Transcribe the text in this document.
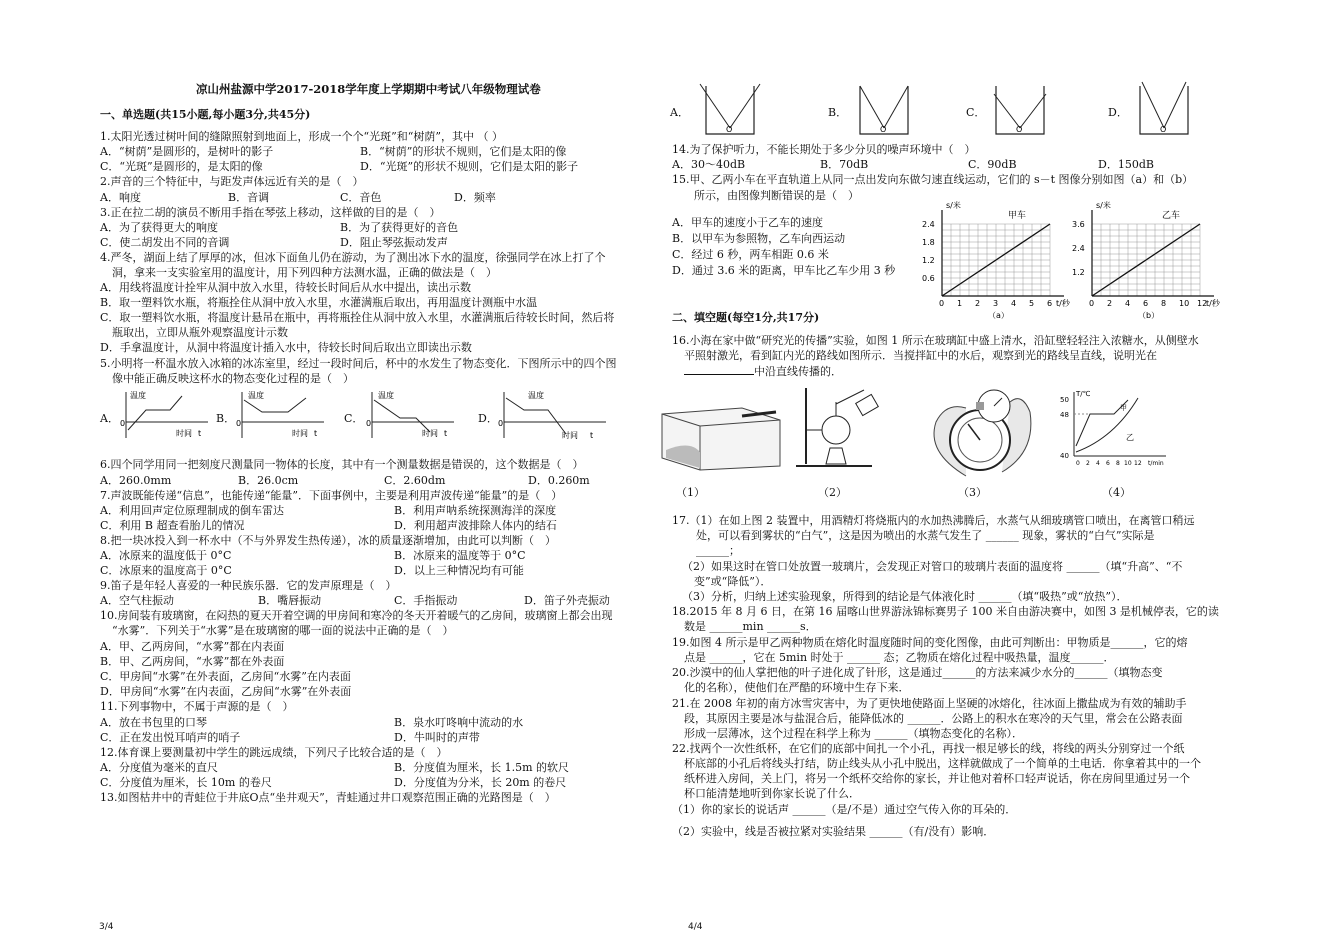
凉山州盐源中学2017-2018学年度上学期期中考试八年级物理试卷
一、单选题(共15小题,每小题3分,共45分)
1.太阳光透过树叶间的缝隙照射到地面上，形成一个个“光斑”和“树荫”，其中 （ ）
A．“树荫”是圆形的，是树叶的影子	B．“树荫”的形状不规则，它们是太阳的像
C．“光斑”是圆形的，是太阳的像	D．“光斑”的形状不规则，它们是太阳的影子
2.声音的三个特征中，与距发声体远近有关的是（　）
A．响度	B．音调	C．音色	D．频率
3.正在拉二胡的演员不断用手指在琴弦上移动，这样做的目的是（　）
A．为了获得更大的响度	B．为了获得更好的音色
C．使二胡发出不同的音调	D．阻止琴弦振动发声
4.严冬，湖面上结了厚厚的冰，但冰下面鱼儿仍在游动，为了测出冰下水的温度，徐强同学在冰上打了个
洞，拿来一支实验室用的温度计，用下列四种方法测水温，正确的做法是（　）
A．用线将温度计拴牢从洞中放入水里，待较长时间后从水中提出，读出示数
B．取一塑料饮水瓶，将瓶拴住从洞中放入水里，水灌满瓶后取出，再用温度计测瓶中水温
C．取一塑料饮水瓶，将温度计悬吊在瓶中，再将瓶拴住从洞中放入水里，水灌满瓶后待较长时间，然后将
瓶取出，立即从瓶外观察温度计示数
D．手拿温度计，从洞中将温度计插入水中，待较长时间后取出立即读出示数
5.小明将一杯温水放入冰箱的冰冻室里，经过一段时间后，杯中的水发生了物态变化．下图所示中的四个图
像中能正确反映这杯水的物态变化过程的是（　）
A．
温度
时间 t
0	B．
温度
时间 t
0	C．
温度
时间 t
0	D．
温度
时间 t
0
6.四个同学用同一把刻度尺测量同一物体的长度，其中有一个测量数据是错误的，这个数据是（　）
A．260.0mm	B．26.0cm	C．2.60dm	D．0.260m
7.声波既能传递“信息”，也能传递“能量”．下面事例中，主要是利用声波传递“能量”的是（　）
A．利用回声定位原理制成的倒车雷达	B．利用声呐系统探测海洋的深度
C．利用 B 超查看胎儿的情况	D．利用超声波排除人体内的结石
8.把一块冰投入到一杯水中（不与外界发生热传递），冰的质量逐渐增加，由此可以判断（　）
A．冰原来的温度低于 0°C	B．冰原来的温度等于 0°C
C．冰原来的温度高于 0°C	D．以上三种情况均有可能
9.笛子是年轻人喜爱的一种民族乐器．它的发声原理是（　）
A．空气柱振动	B．嘴唇振动	C．手指振动	D．笛子外壳振动
10.房间装有玻璃窗，在闷热的夏天开着空调的甲房间和寒冷的冬天开着暖气的乙房间，玻璃窗上都会出现
“水雾”．下列关于“水雾”是在玻璃窗的哪一面的说法中正确的是（　）
A．甲、乙两房间，“水雾”都在内表面
B．甲、乙两房间，“水雾”都在外表面
C．甲房间“水雾”在外表面，乙房间“水雾”在内表面
D．甲房间“水雾”在内表面，乙房间“水雾”在外表面
11.下列事物中，不属于声源的是（　）
A．放在书包里的口琴	B．泉水叮咚响中流动的水
C．正在发出悦耳哨声的哨子	D．牛叫时的声带
12.体育课上要测量初中学生的跳远成绩，下列尺子比较合适的是（　）
A．分度值为毫米的直尺	B．分度值为厘米，长 1.5m 的软尺
C．分度值为厘米，长 10m 的卷尺	D．分度值为分米，长 20m 的卷尺
13.如图枯井中的青蛙位于井底O点“坐井观天”，青蛙通过井口观察范围正确的光路图是（　）
3/4
A．
O
B．
O
C．
O
D．
O
14.为了保护听力，不能长期处于多少分贝的噪声环境中（　）
A．30～40dB	B．70dB	C．90dB	D．150dB
15.甲、乙两小车在平直轨道上从同一点出发向东做匀速直线运动，它们的 s－t 图像分别如图（a）和（b）
所示，由图像判断错误的是（　）
A．甲车的速度小于乙车的速度
B．以甲车为参照物，乙车向西运动
C．经过 6 秒，两车相距 0.6 米
D．通过 3.6 米的距离，甲车比乙车少用 3 秒
2.4
1.8
1.2
0.6
0 1 2 3 4 5 6
甲车
s/米
t/秒
（a）
3.6
2.4
1.2
0 2 4 6 8 10 12
乙车
s/米
t/秒
（b）
二、填空题(每空1分,共17分)
16.小海在家中做“研究光的传播”实验，如图 1 所示在玻璃缸中盛上清水，沿缸壁轻轻注入浓糖水，从侧壁水
平照射激光，看到缸内光的路线如图所示．当搅拌缸中的水后，观察到光的路线呈直线，说明光在
中沿直线传播的．
（1）	（2）	（3）
T/℃
50
48
40
0 2 4 6 8 10 12 t/min
甲
乙
（4）
17.（1）在如上图 2 装置中，用酒精灯将烧瓶内的水加热沸腾后，水蒸气从细玻璃管口喷出，在离管口稍远
处，可以看到雾状的“白气”，这是因为喷出的水蒸气发生了 ______ 现象，雾状的“白气”实际是
______；
（2）如果这时在管口处放置一玻璃片，会发现正对管口的玻璃片表面的温度将 ______（填“升高”、“不
变”或“降低”）．
（3）分析，归纳上述实验现象，所得到的结论是气体液化时 ______（填“吸热”或“放热”）．
18.2015 年 8 月 6 日，在第 16 届喀山世界游泳锦标赛男子 100 米自由游决赛中，如图 3 是机械停表，它的读
数是 ______min ______s．
19.如图 4 所示是甲乙两种物质在熔化时温度随时间的变化图像，由此可判断出：甲物质是______，它的熔
点是 ______，它在 5min 时处于 ______ 态；乙物质在熔化过程中吸热量，温度______．
20.沙漠中的仙人掌把他的叶子进化成了针形，这是通过______的方法来减少水分的______（填物态变
化的名称），使他们在严酷的环境中生存下来．
21.在 2008 年初的南方冰雪灾害中，为了更快地使路面上坚硬的冰熔化，往冰面上撒盐成为有效的辅助手
段，其原因主要是冰与盐混合后，能降低冰的 ______．公路上的积水在寒冷的天气里，常会在公路表面
形成一层薄冰，这个过程在科学上称为 ______（填物态变化的名称）．
22.找两个一次性纸杯，在它们的底部中间扎一个小孔，再找一根足够长的线，将线的两头分别穿过一个纸
杯底部的小孔后将线头打结，防止线头从小孔中脱出，这样就做成了一个简单的土电话．你拿着其中的一个
纸杯进入房间，关上门，将另一个纸杯交给你的家长，并让他对着杯口轻声说话，你在房间里通过另一个
杯口能清楚地听到你家长说了什么．
（1）你的家长的说话声 ______（是/不是）通过空气传入你的耳朵的．
（2）实验中，线是否被拉紧对实验结果 ______（有/没有）影响．
4/4
